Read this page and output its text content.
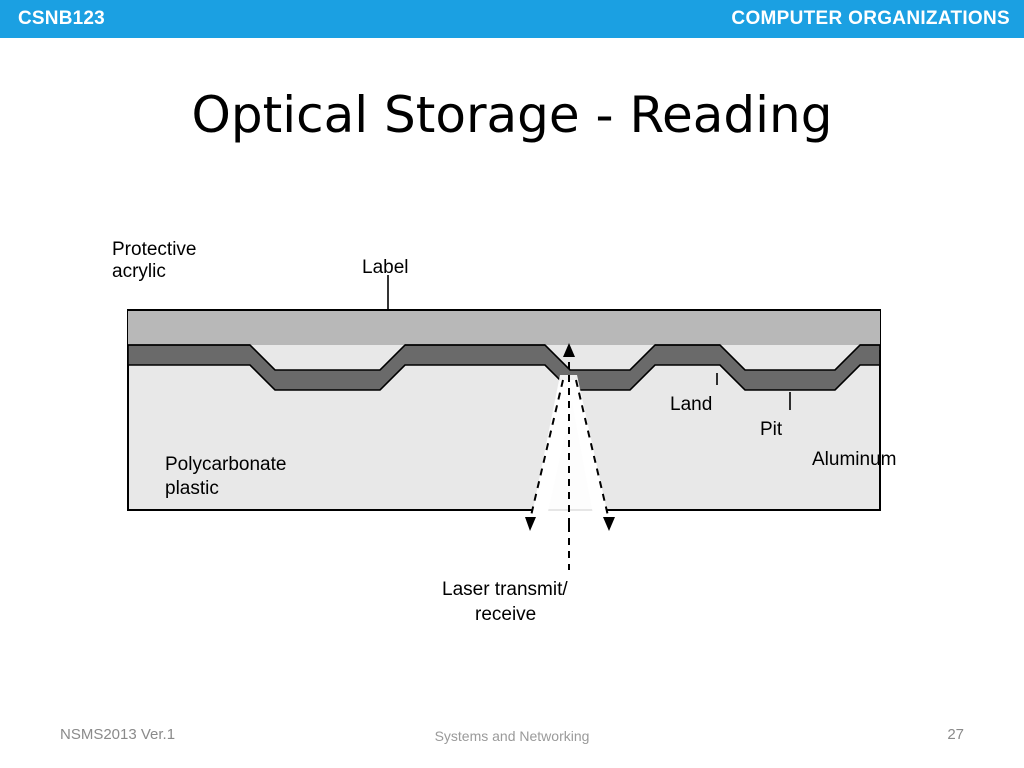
CSNB123	COMPUTER ORGANIZATIONS
Optical Storage - Reading
Protective
acrylic	Label
Land
Pit
Aluminum
Polycarbonate
plastic
Laser transmit/
receive
NSMS2013 Ver.1	Systems and Networking	27
